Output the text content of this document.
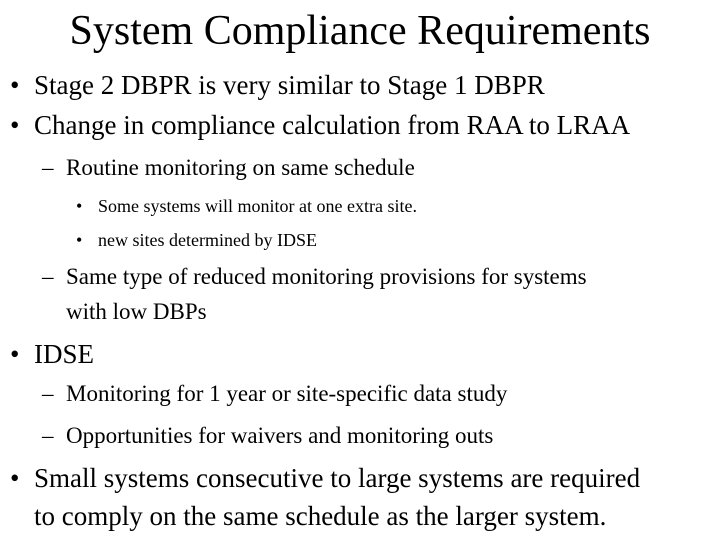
System Compliance Requirements
• Stage 2 DBPR is very similar to Stage 1 DBPR
• Change in compliance calculation from RAA to LRAA
– Routine monitoring on same schedule
• Some systems will monitor at one extra site.
• new sites determined by IDSE
– Same type of reduced monitoring provisions for systems
with low DBPs
• IDSE
– Monitoring for 1 year or site-specific data study
– Opportunities for waivers and monitoring outs
• Small systems consecutive to large systems are required
to comply on the same schedule as the larger system.
